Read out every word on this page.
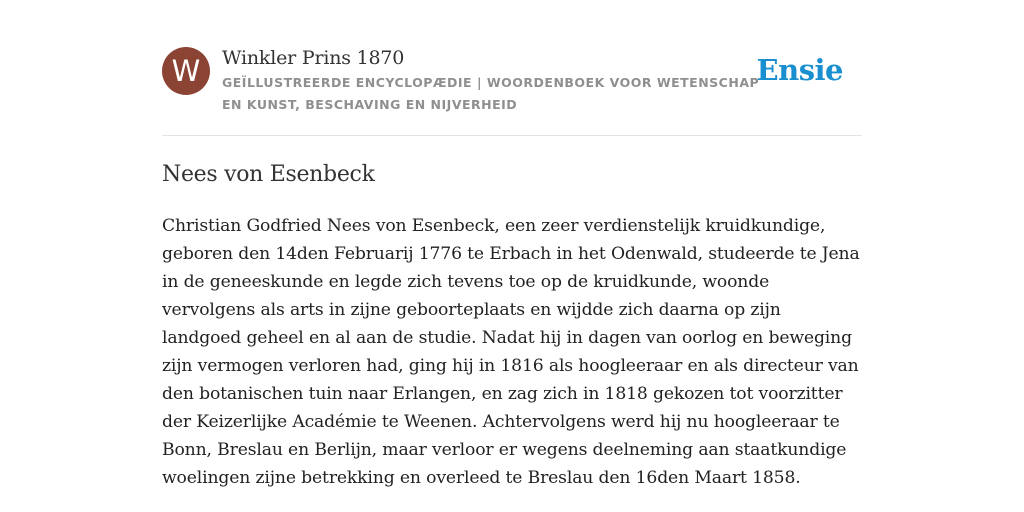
W	Winkler Prins 1870
GEÏLLUSTREERDE ENCYCLOPÆDIE | WOORDENBOEK VOOR WETENSCHAP EN KUNST, BESCHAVING EN NIJVERHEID
Ensie
Nees von Esenbeck

Christian Godfried Nees von Esenbeck, een zeer verdienstelijk kruidkundige, geboren den 14den Februarij 1776 te Erbach in het Odenwald, studeerde te Jena in de geneeskunde en legde zich tevens toe op de kruidkunde, woonde vervolgens als arts in zijne geboorteplaats en wijdde zich daarna op zijn landgoed geheel en al aan de studie. Nadat hij in dagen van oorlog en beweging zijn vermogen verloren had, ging hij in 1816 als hoogleeraar en als directeur van den botanischen tuin naar Erlangen, en zag zich in 1818 gekozen tot voorzitter der Keizerlijke Académie te Weenen. Achtervolgens werd hij nu hoogleeraar te Bonn, Breslau en Berlijn, maar verloor er wegens deelneming aan staatkundige woelingen zijne betrekking en overleed te Breslau den 16den Maart 1858.
